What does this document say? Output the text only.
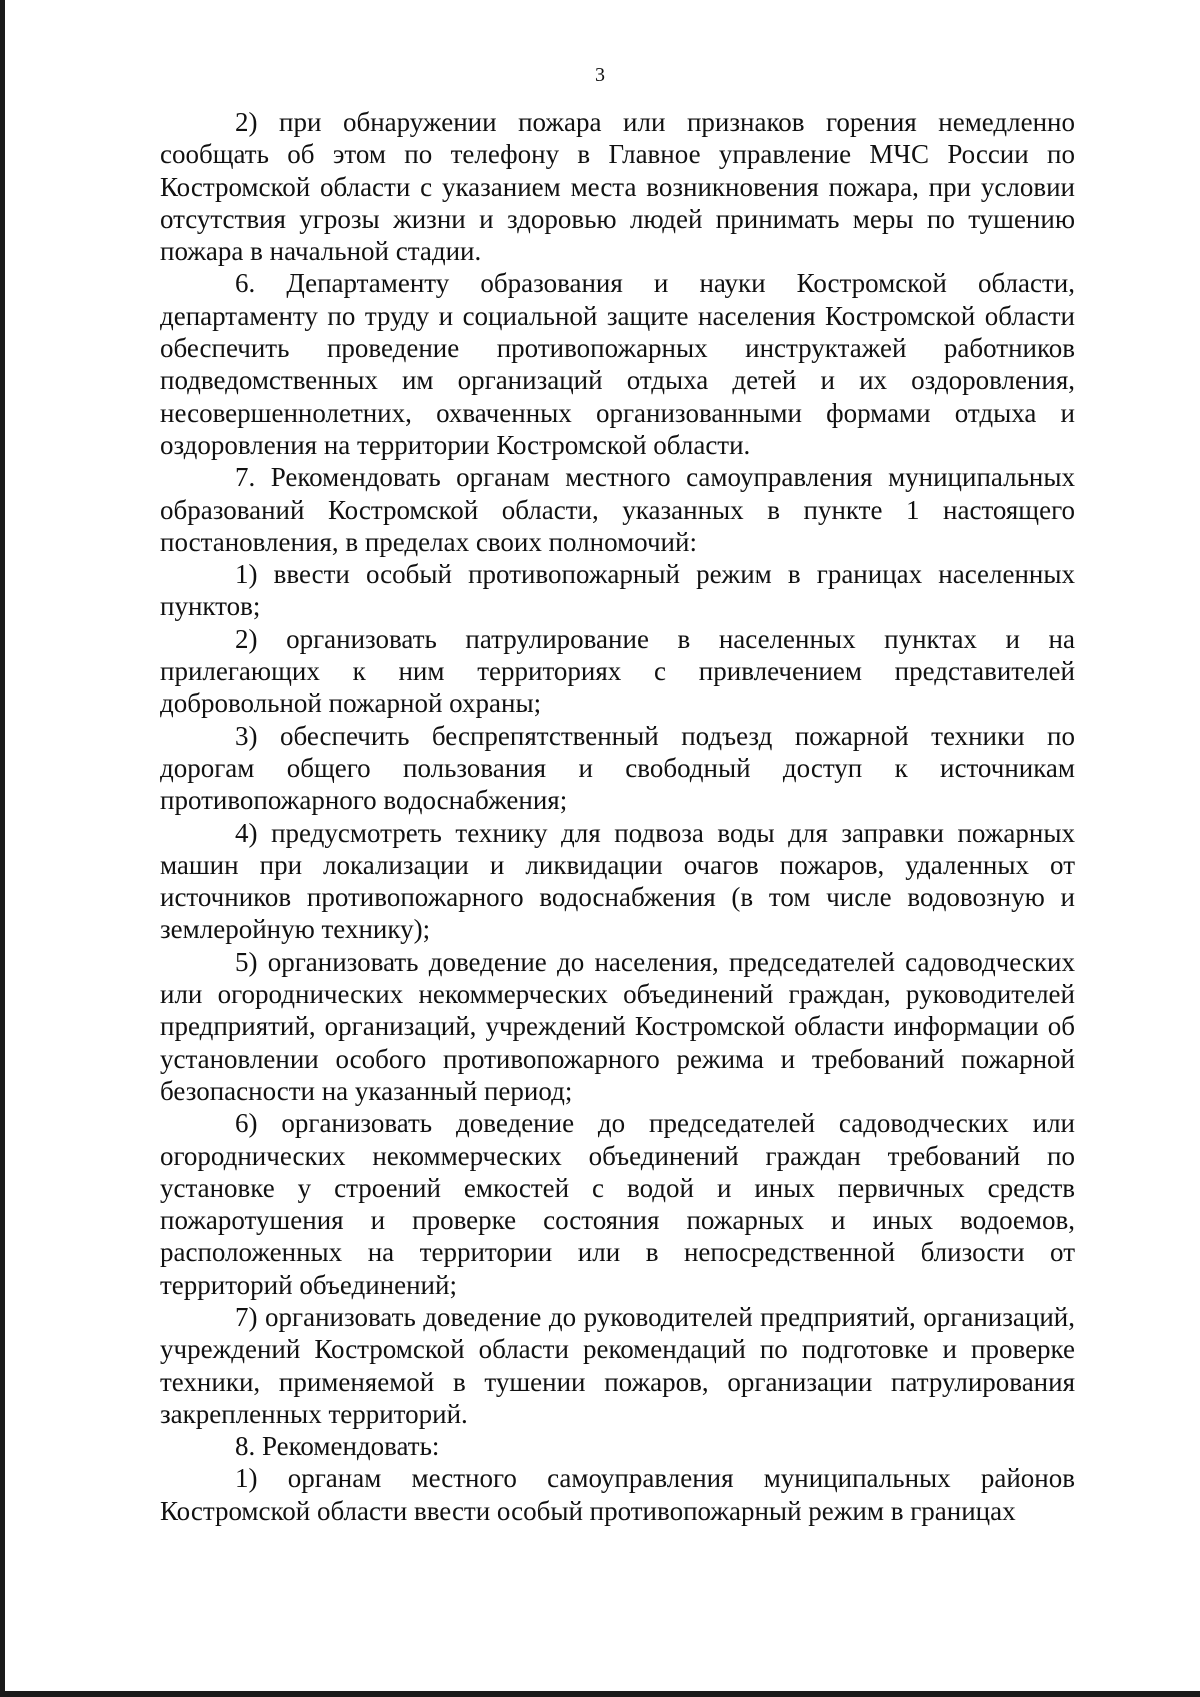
3

2) при обнаружении пожара или признаков горения немедленно сообщать об этом по телефону в Главное управление МЧС России по Костромской области с указанием места возникновения пожара, при условии отсутствия угрозы жизни и здоровью людей принимать меры по тушению пожара в начальной стадии.

6. Департаменту образования и науки Костромской области, департаменту по труду и социальной защите населения Костромской области обеспечить проведение противопожарных инструктажей работников подведомственных им организаций отдыха детей и их оздоровления, несовершеннолетних, охваченных организованными формами отдыха и оздоровления на территории Костромской области.

7. Рекомендовать органам местного самоуправления муниципальных образований Костромской области, указанных в пункте 1 настоящего постановления, в пределах своих полномочий:

1) ввести особый противопожарный режим в границах населенных пунктов;

2) организовать патрулирование в населенных пунктах и на прилегающих к ним территориях с привлечением представителей добровольной пожарной охраны;

3) обеспечить беспрепятственный подъезд пожарной техники по дорогам общего пользования и свободный доступ к источникам противопожарного водоснабжения;

4) предусмотреть технику для подвоза воды для заправки пожарных машин при локализации и ликвидации очагов пожаров, удаленных от источников противопожарного водоснабжения (в том числе водовозную и землеройную технику);

5) организовать доведение до населения, председателей садоводческих или огороднических некоммерческих объединений граждан, руководителей предприятий, организаций, учреждений Костромской области информации об установлении особого противопожарного режима и требований пожарной безопасности на указанный период;

6) организовать доведение до председателей садоводческих или огороднических некоммерческих объединений граждан требований по установке у строений емкостей с водой и иных первичных средств пожаротушения и проверке состояния пожарных и иных водоемов, расположенных на территории или в непосредственной близости от территорий объединений;

7) организовать доведение до руководителей предприятий, организаций, учреждений Костромской области рекомендаций по подготовке и проверке техники, применяемой в тушении пожаров, организации патрулирования закрепленных территорий.

8. Рекомендовать:

1) органам местного самоуправления муниципальных районов Костромской области ввести особый противопожарный режим в границах
